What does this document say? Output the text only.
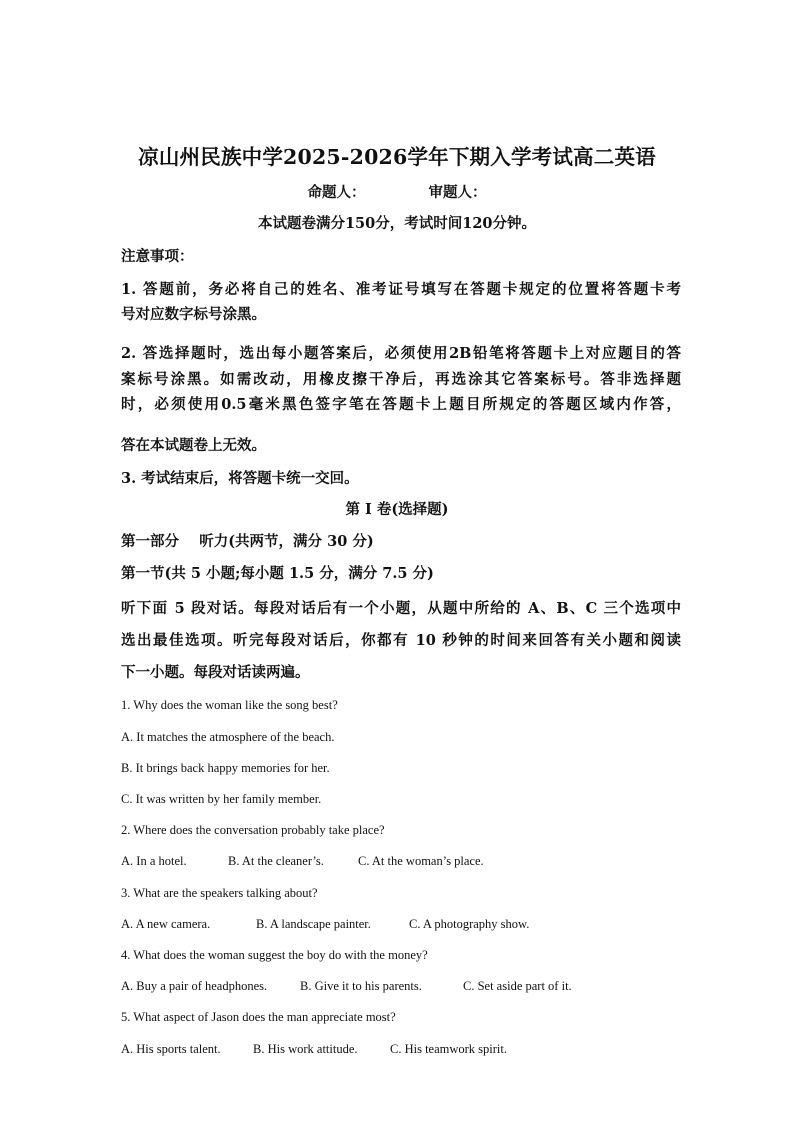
凉山州民族中学2025-2026学年下期入学考试高二英语
命题人：	审题人：
本试题卷满分150分，考试时间120分钟。
注意事项：
1. 答题前，务必将自己的姓名、准考证号填写在答题卡规定的位置将答题卡考
号对应数字标号涂黑。
2. 答选择题时，选出每小题答案后，必须使用2B铅笔将答题卡上对应题目的答
案标号涂黑。如需改动，用橡皮擦干净后，再选涂其它答案标号。答非选择题
时，必须使用0.5毫米黑色签字笔在答题卡上题目所规定的答题区域内作答，
答在本试题卷上无效。
3. 考试结束后，将答题卡统一交回。
第 I 卷(选择题)
第一部分    听力(共两节，满分 30 分)
第一节(共 5 小题;每小题 1.5 分，满分 7.5 分)
听下面 5 段对话。每段对话后有一个小题，从题中所给的 A、B、C 三个选项中
选出最佳选项。听完每段对话后，你都有 10 秒钟的时间来回答有关小题和阅读
下一小题。每段对话读两遍。
1. Why does the woman like the song best?
A. It matches the atmosphere of the beach.
B. It brings back happy memories for her.
C. It was written by her family member.
2. Where does the conversation probably take place?
A. In a hotel.	B. At the cleaner’s.	C. At the woman’s place.
3. What are the speakers talking about?
A. A new camera.	B. A landscape painter.	C. A photography show.
4. What does the woman suggest the boy do with the money?
A. Buy a pair of headphones.	B. Give it to his parents.	C. Set aside part of it.
5. What aspect of Jason does the man appreciate most?
A. His sports talent.	B. His work attitude.	C. His teamwork spirit.
